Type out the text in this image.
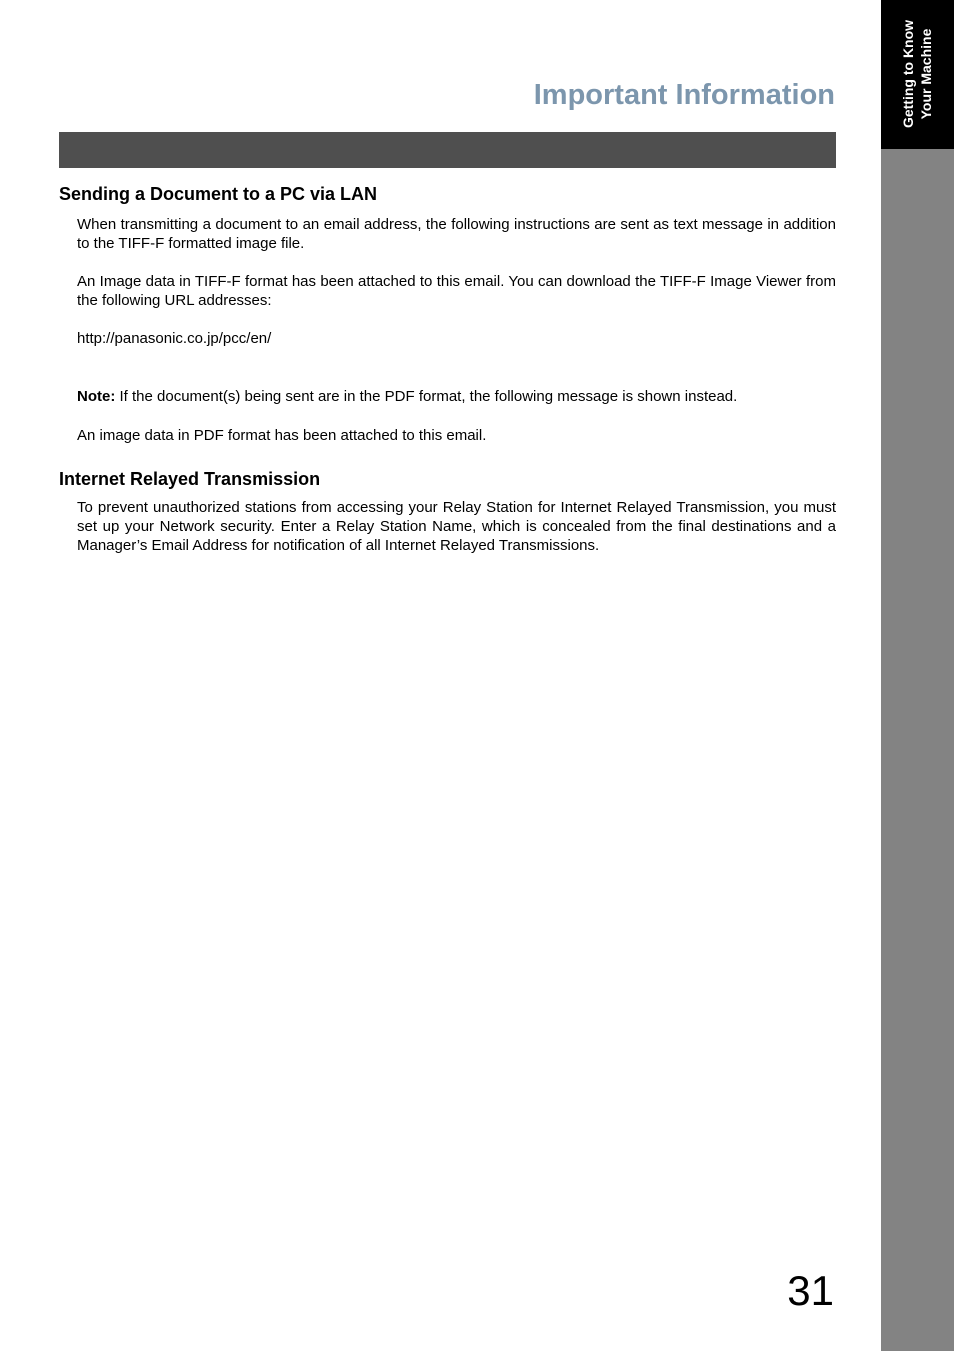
Getting to Know Your Machine
Important Information
Sending a Document to a PC via LAN

When transmitting a document to an email address, the following instructions are sent as text message in addition to the TIFF-F formatted image file.

An Image data in TIFF-F format has been attached to this email. You can download the TIFF-F Image Viewer from the following URL addresses:

http://panasonic.co.jp/pcc/en/

Note: If the document(s) being sent are in the PDF format, the following message is shown instead.

An image data in PDF format has been attached to this email.

Internet Relayed Transmission

To prevent unauthorized stations from accessing your Relay Station for Internet Relayed Transmission, you must set up your Network security. Enter a Relay Station Name, which is concealed from the final destinations and a Manager’s Email Address for notification of all Internet Relayed Transmissions.

31
